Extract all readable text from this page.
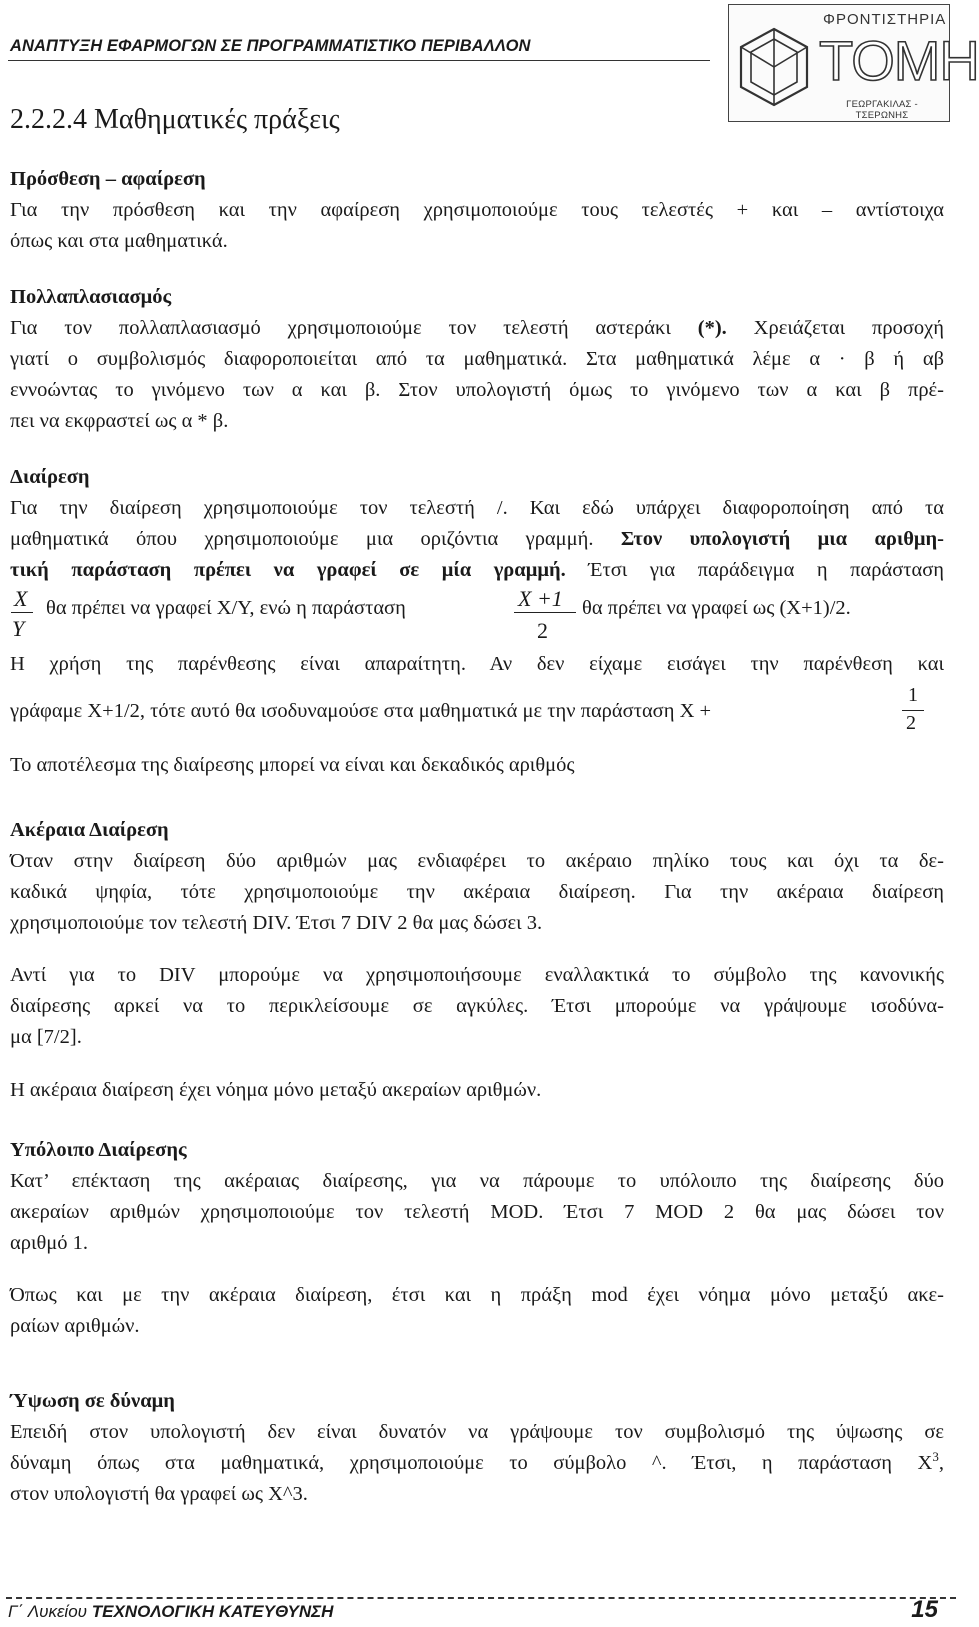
ΑΝΑΠΤΥΞΗ ΕΦΑΡΜΟΓΩΝ ΣΕ ΠΡΟΓΡΑΜΜΑΤΙΣΤΙΚΟ ΠΕΡΙΒΑΛΛΟΝ
ΦΡΟΝΤΙΣΤΗΡΙΑ
ΤΟΜΗ
ΓΕΩΡΓΑΚΙΛΑΣ - ΤΣΕΡΩΝΗΣ
2.2.2.4 Μαθηματικές πράξεις
Πρόσθεση – αφαίρεση
Για την πρόσθεση και την αφαίρεση χρησιμοποιούμε τους τελεστές + και – αντίστοιχα
όπως και στα μαθηματικά.
Πολλαπλασιασμός
Για τον πολλαπλασιασμό χρησιμοποιούμε τον τελεστή αστεράκι (*). Χρειάζεται προσοχή
γιατί ο συμβολισμός διαφοροποιείται από τα μαθηματικά. Στα μαθηματικά λέμε α · β ή αβ
εννοώντας το γινόμενο των α και β. Στον υπολογιστή όμως το γινόμενο των α και β πρέ-
πει να εκφραστεί ως α * β.
Διαίρεση
Για την διαίρεση χρησιμοποιούμε τον τελεστή /. Και εδώ υπάρχει διαφοροποίηση από τα
μαθηματικά όπου χρησιμοποιούμε μια οριζόντια γραμμή. Στον υπολογιστή μια αριθμη-
τική παράσταση πρέπει να γραφεί σε μία γραμμή. Έτσι για παράδειγμα η παράσταση
X
Y
θα πρέπει να γραφεί X/Y, ενώ η παράσταση	X +1
2
θα πρέπει να γραφεί ως (X+1)/2.
Η χρήση της παρένθεσης είναι απαραίτητη. Αν δεν είχαμε εισάγει την παρένθεση και
γράφαμε X+1/2, τότε αυτό θα ισοδυναμούσε στα μαθηματικά με την παράσταση X +
1
2
Το αποτέλεσμα της διαίρεσης μπορεί να είναι και δεκαδικός αριθμός
Ακέραια Διαίρεση
Όταν στην διαίρεση δύο αριθμών μας ενδιαφέρει το ακέραιο πηλίκο τους και όχι τα δε-
καδικά ψηφία, τότε χρησιμοποιούμε την ακέραια διαίρεση. Για την ακέραια διαίρεση
χρησιμοποιούμε τον τελεστή DIV. Έτσι 7 DIV 2 θα μας δώσει 3.
Αντί για το DIV μπορούμε να χρησιμοποιήσουμε εναλλακτικά το σύμβολο της κανονικής
διαίρεσης αρκεί να το περικλείσουμε σε αγκύλες. Έτσι μπορούμε να γράψουμε ισοδύνα-
μα [7/2].
Η ακέραια διαίρεση έχει νόημα μόνο μεταξύ ακεραίων αριθμών.
Υπόλοιπο Διαίρεσης
Κατ’ επέκταση της ακέραιας διαίρεσης, για να πάρουμε το υπόλοιπο της διαίρεσης δύο
ακεραίων αριθμών χρησιμοποιούμε τον τελεστή MOD. Έτσι 7 MOD 2 θα μας δώσει τον
αριθμό 1.
Όπως και με την ακέραια διαίρεση, έτσι και η πράξη mod έχει νόημα μόνο μεταξύ ακε-
ραίων αριθμών.
Ύψωση σε δύναμη
Επειδή στον υπολογιστή δεν είναι δυνατόν να γράψουμε τον συμβολισμό της ύψωσης σε
δύναμη όπως στα μαθηματικά, χρησιμοποιούμε το σύμβολο ^. Έτσι, η παράσταση $X^3$,
στον υπολογιστή θα γραφεί ως X^3.
Γ΄ Λυκείου ΤΕΧΝΟΛΟΓΙΚΗ ΚΑΤΕΥΘΥΝΣΗ	15
